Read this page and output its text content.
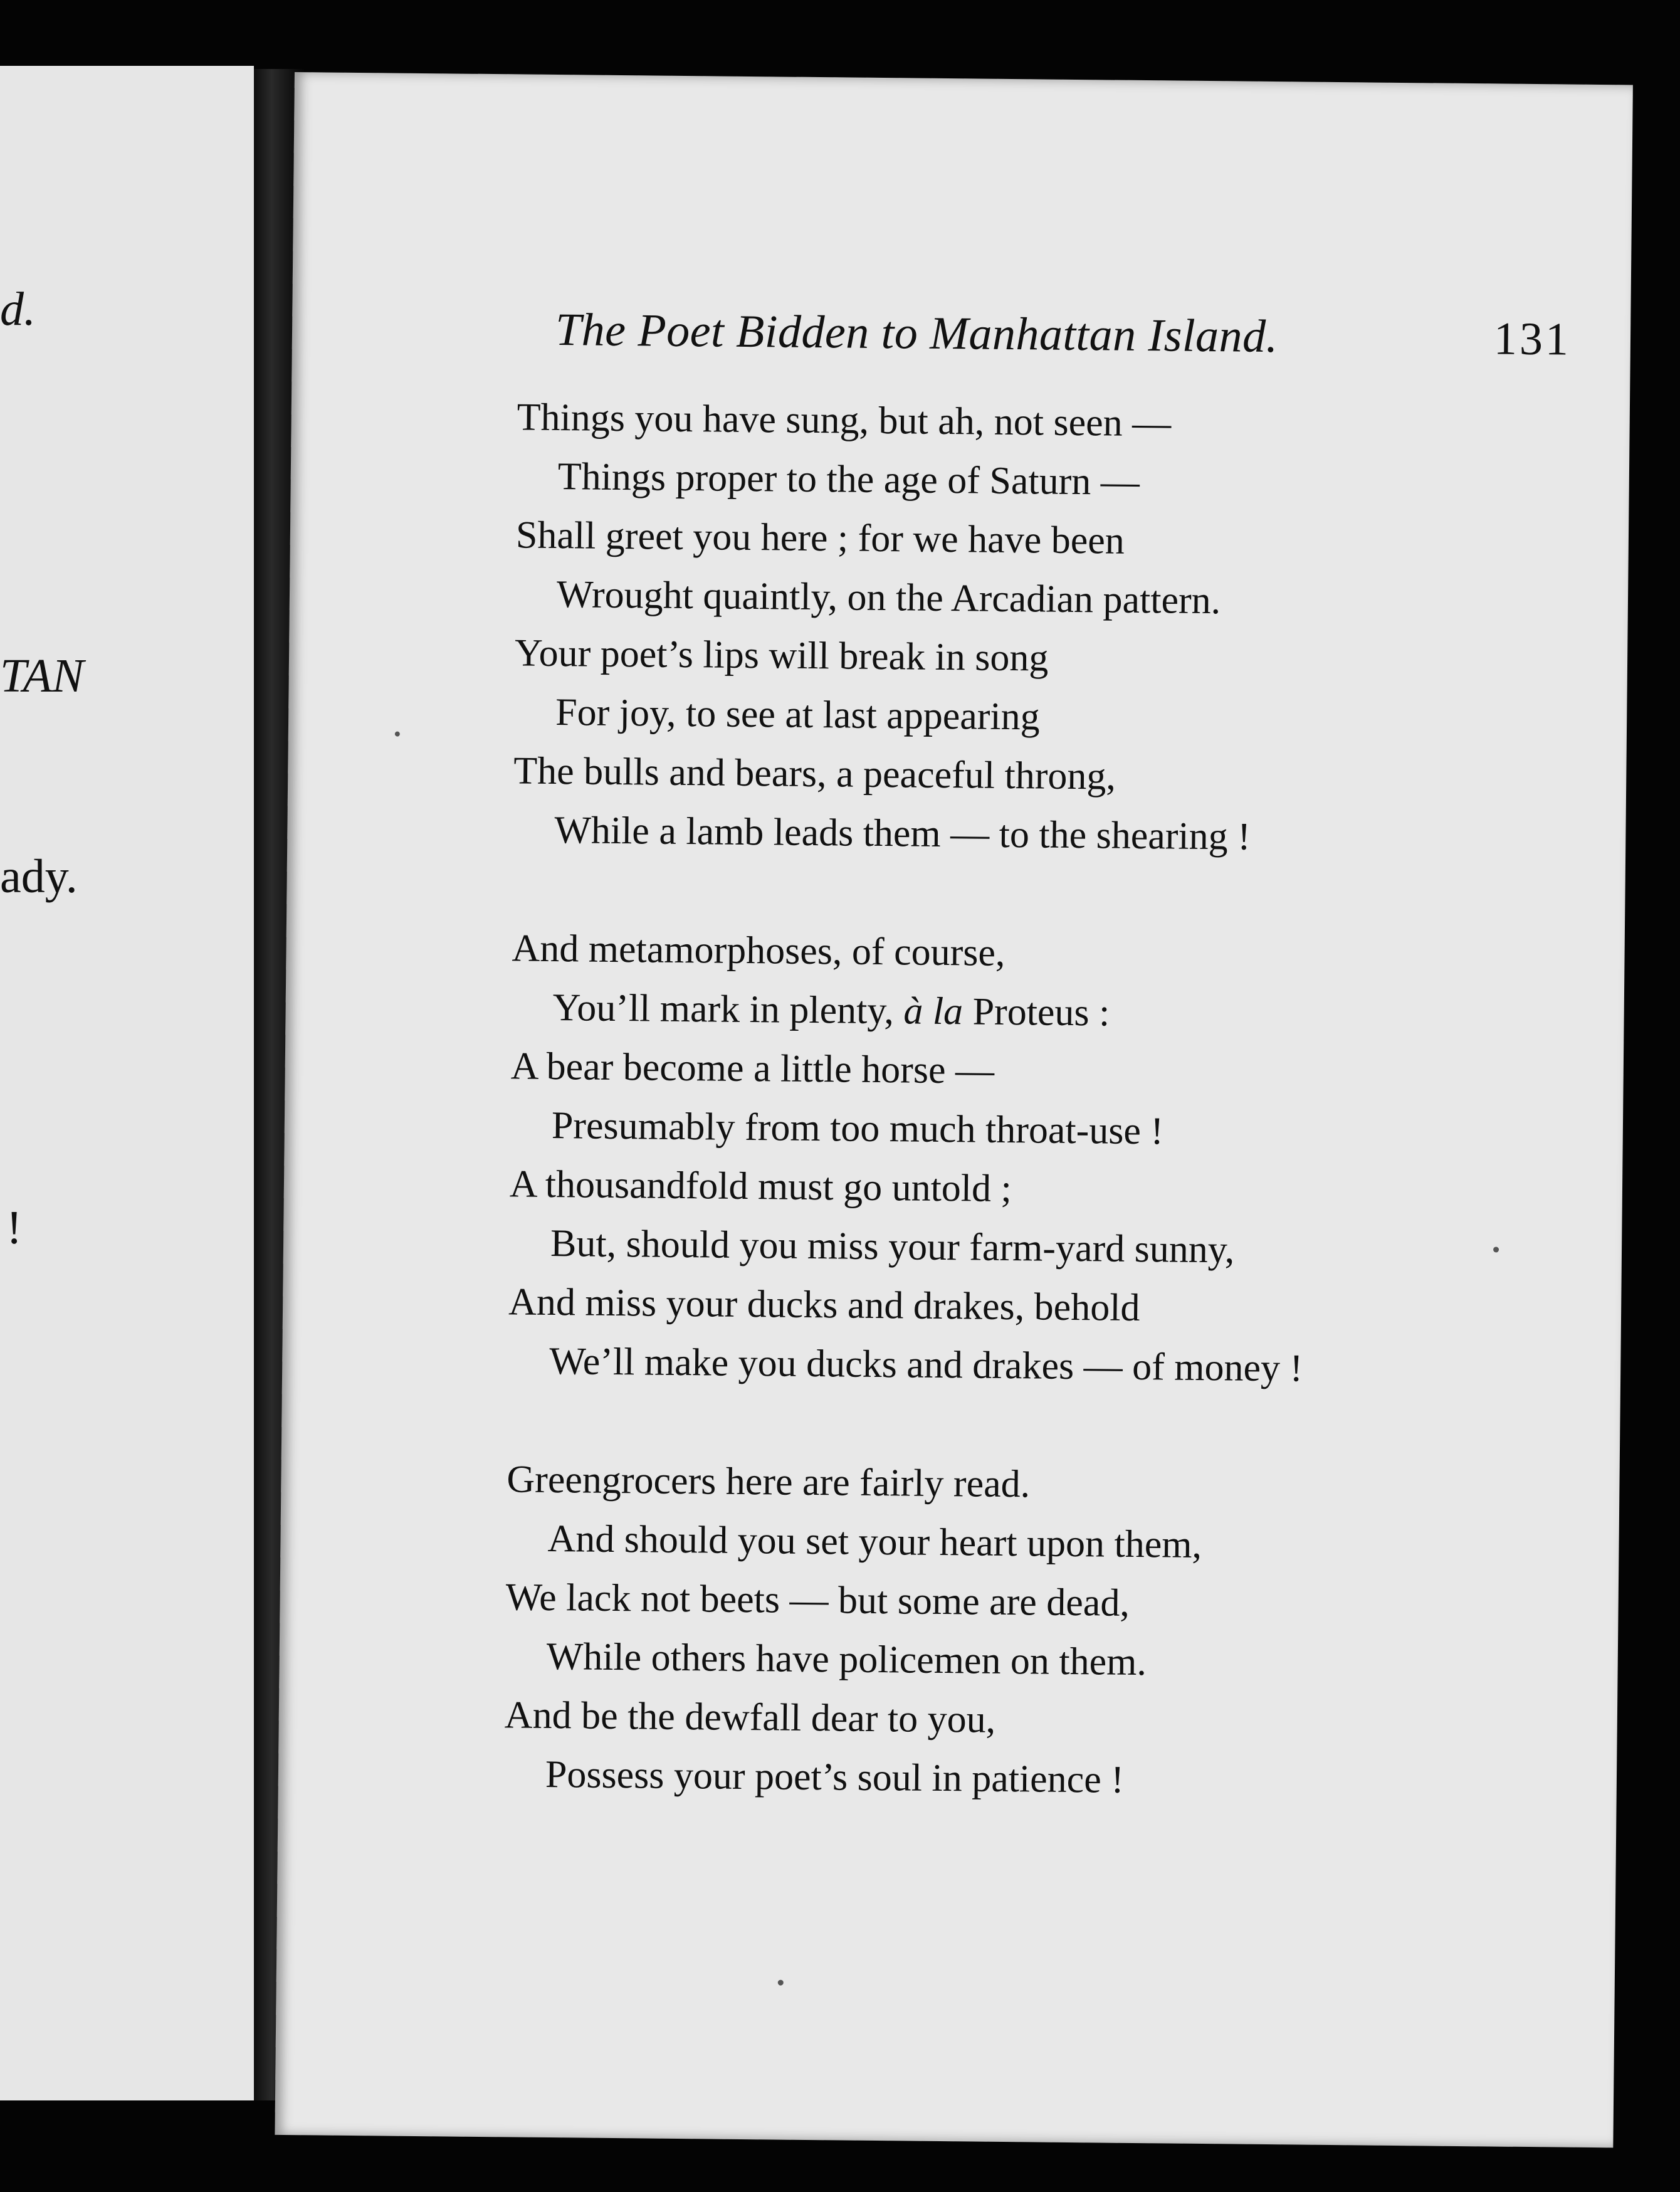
d.
TAN
ady.
!
The Poet Bidden to Manhattan Island.	131
Things you have sung, but ah, not seen —
Things proper to the age of Saturn —
Shall greet you here ; for we have been
Wrought quaintly, on the Arcadian pattern.
Your poet’s lips will break in song
For joy, to see at last appearing
The bulls and bears, a peaceful throng,
While a lamb leads them — to the shearing !
And metamorphoses, of course,
You’ll mark in plenty, à la Proteus :
A bear become a little horse —
Presumably from too much throat-use !
A thousandfold must go untold ;
But, should you miss your farm-yard sunny,
And miss your ducks and drakes, behold
We’ll make you ducks and drakes — of money !
Greengrocers here are fairly read.
And should you set your heart upon them,
We lack not beets — but some are dead,
While others have policemen on them.
And be the dewfall dear to you,
Possess your poet’s soul in patience !
